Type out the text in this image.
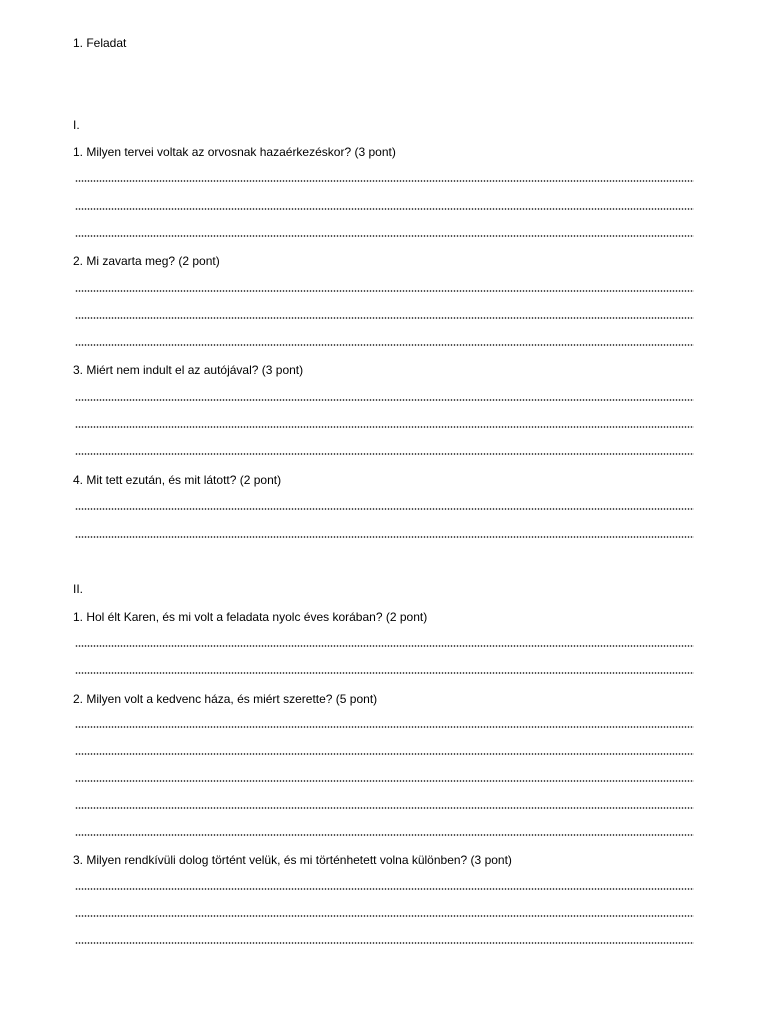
1. Feladat
I.
1. Milyen tervei voltak az orvosnak hazaérkezéskor? (3 pont)
2. Mi zavarta meg? (2 pont)
3. Miért nem indult el az autójával? (3 pont)
4. Mit tett ezután, és mit látott? (2 pont)
II.
1. Hol élt Karen, és mi volt a feladata nyolc éves korában? (2 pont)
2. Milyen volt a kedvenc háza, és miért szerette? (5 pont)
3. Milyen rendkívüli dolog történt velük, és mi történhetett volna különben? (3 pont)
